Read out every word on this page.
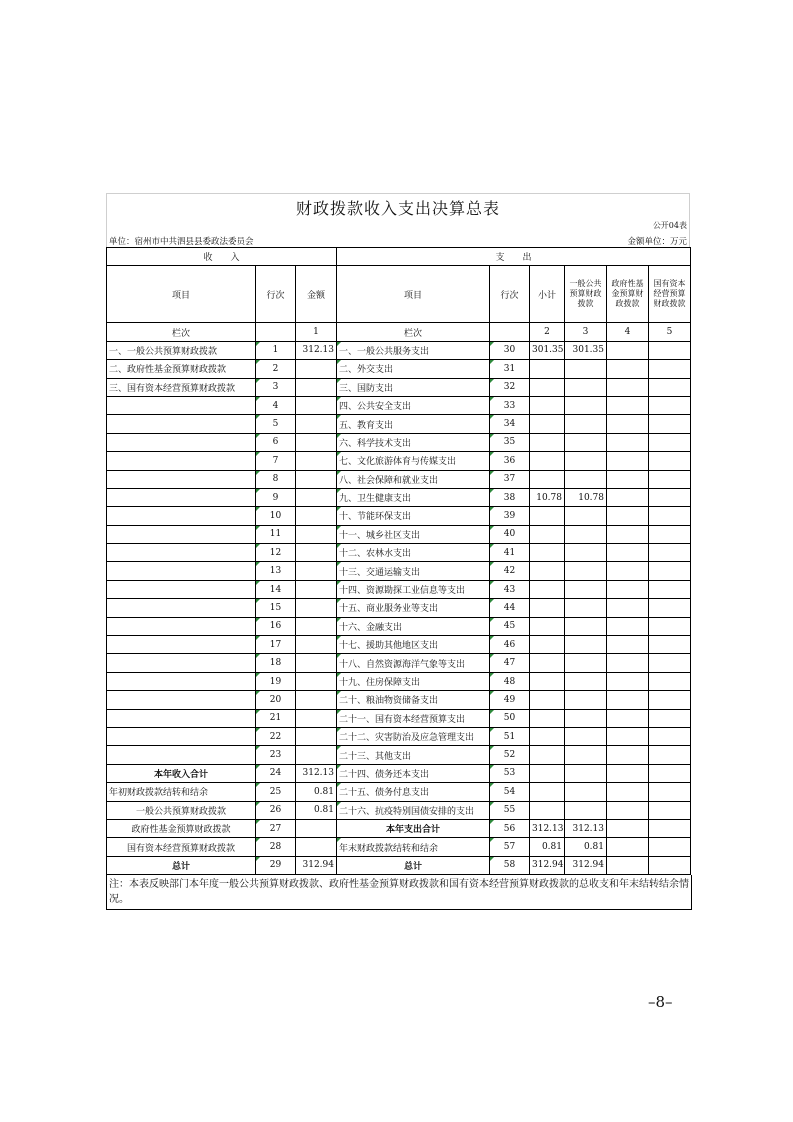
财政拨款收入支出决算总表
公开04表
单位：宿州市中共泗县县委政法委员会	金额单位：万元
收　　入			支　　出					
项目	行次	金额	项目	行次	小计	一般公共预算财政拨款	政府性基金预算财政拨款	国有资本经营预算财政拨款
栏次		1	栏次		2	3	4	5
一、一般公共预算财政拨款	1	312.13	一、一般公共服务支出	30	301.35	301.35		
二、政府性基金预算财政拨款	2		二、外交支出	31				
三、国有资本经营预算财政拨款	3		三、国防支出	32				
	4		四、公共安全支出	33				
	5		五、教育支出	34				
	6		六、科学技术支出	35				
	7		七、文化旅游体育与传媒支出	36				
	8		八、社会保障和就业支出	37				
	9		九、卫生健康支出	38	10.78	10.78		
	10		十、节能环保支出	39				
	11		十一、城乡社区支出	40				
	12		十二、农林水支出	41				
	13		十三、交通运输支出	42				
	14		十四、资源勘探工业信息等支出	43				
	15		十五、商业服务业等支出	44				
	16		十六、金融支出	45				
	17		十七、援助其他地区支出	46				
	18		十八、自然资源海洋气象等支出	47				
	19		十九、住房保障支出	48				
	20		二十、粮油物资储备支出	49				
	21		二十一、国有资本经营预算支出	50				
	22		二十二、灾害防治及应急管理支出	51				
	23		二十三、其他支出	52				
本年收入合计	24	312.13	二十四、债务还本支出	53				
年初财政拨款结转和结余	25	0.81	二十五、债务付息支出	54				
一般公共预算财政拨款	26	0.81	二十六、抗疫特别国债安排的支出	55				
政府性基金预算财政拨款	27		本年支出合计	56	312.13	312.13		
国有资本经营预算财政拨款	28		年末财政拨款结转和结余	57	0.81	0.81		
总计	29	312.94	总计	58	312.94	312.94		
注：本表反映部门本年度一般公共预算财政拨款、政府性基金预算财政拨款和国有资本经营预算财政拨款的总收支和年末结转结余情况。
–8–
